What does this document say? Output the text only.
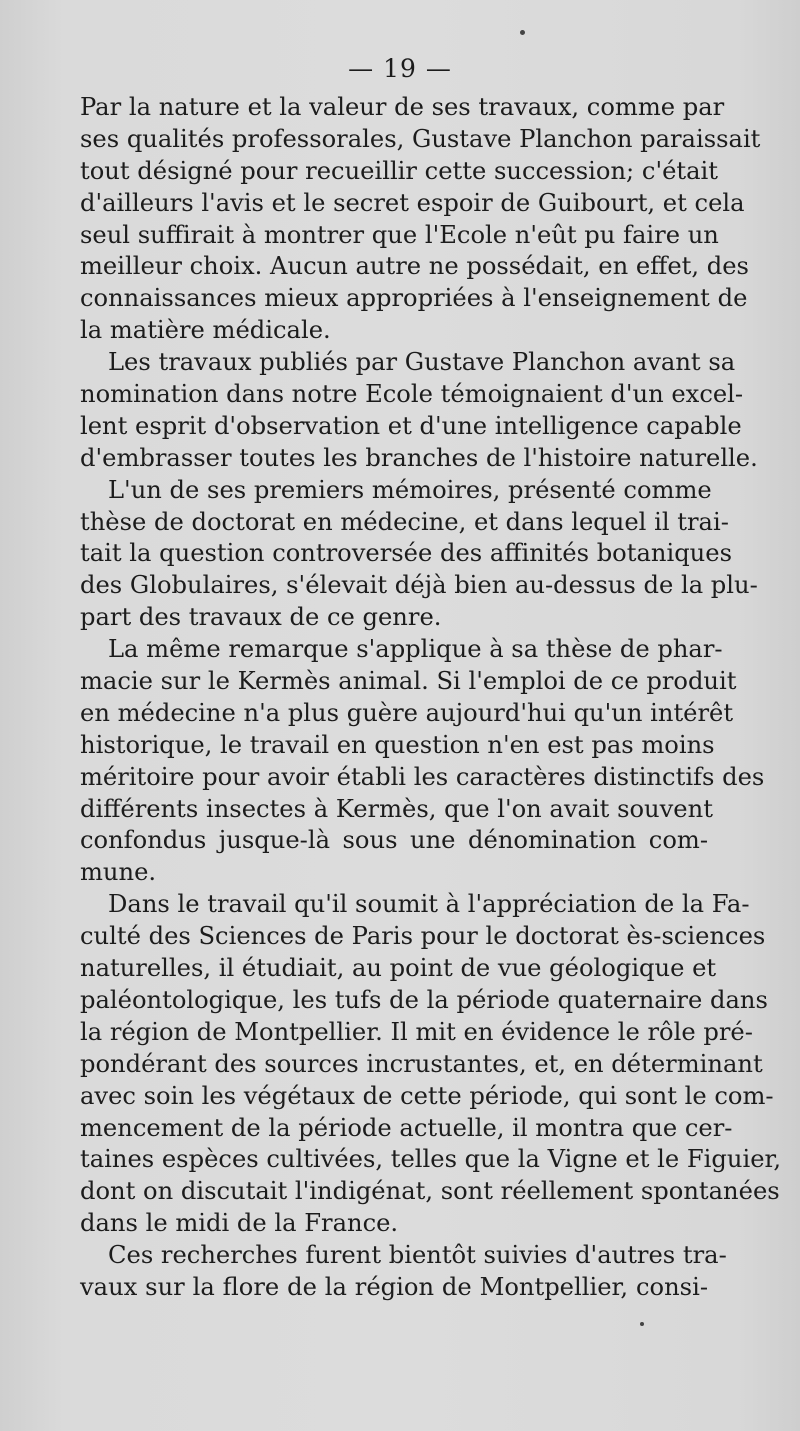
— 19 —
Par la nature et la valeur de ses travaux, comme par
ses qualités professorales, Gustave Planchon paraissait
tout désigné pour recueillir cette succession; c'était
d'ailleurs l'avis et le secret espoir de Guibourt, et cela
seul suffirait à montrer que l'Ecole n'eût pu faire un
meilleur choix. Aucun autre ne possédait, en effet, des
connaissances mieux appropriées à l'enseignement de
la matière médicale.
Les travaux publiés par Gustave Planchon avant sa
nomination dans notre Ecole témoignaient d'un excel-
lent esprit d'observation et d'une intelligence capable
d'embrasser toutes les branches de l'histoire naturelle.
L'un de ses premiers mémoires, présenté comme
thèse de doctorat en médecine, et dans lequel il trai-
tait la question controversée des affinités botaniques
des Globulaires, s'élevait déjà bien au-dessus de la plu-
part des travaux de ce genre.
La même remarque s'applique à sa thèse de phar-
macie sur le Kermès animal. Si l'emploi de ce produit
en médecine n'a plus guère aujourd'hui qu'un intérêt
historique, le travail en question n'en est pas moins
méritoire pour avoir établi les caractères distinctifs des
différents insectes à Kermès, que l'on avait souvent
confondus jusque-là sous une dénomination com-
mune.
Dans le travail qu'il soumit à l'appréciation de la Fa-
culté des Sciences de Paris pour le doctorat ès-sciences
naturelles, il étudiait, au point de vue géologique et
paléontologique, les tufs de la période quaternaire dans
la région de Montpellier. Il mit en évidence le rôle pré-
pondérant des sources incrustantes, et, en déterminant
avec soin les végétaux de cette période, qui sont le com-
mencement de la période actuelle, il montra que cer-
taines espèces cultivées, telles que la Vigne et le Figuier,
dont on discutait l'indigénat, sont réellement spontanées
dans le midi de la France.
Ces recherches furent bientôt suivies d'autres tra-
vaux sur la flore de la région de Montpellier, consi-
